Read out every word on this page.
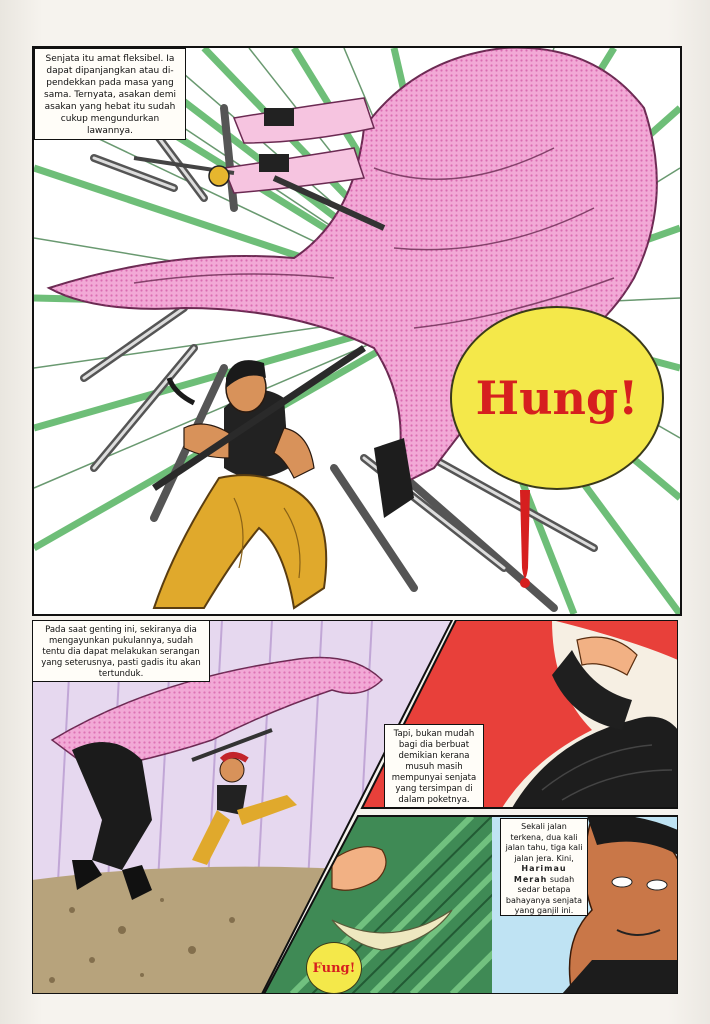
Senjata itu amat fleksibel. Ia dapat dipanjangkan atau di-pendekkan pada masa yang sama. Ternyata, asakan demi asakan yang hebat itu sudah cukup mengundurkan lawannya.
Hung!
Pada saat genting ini, sekiranya dia mengayunkan pukulannya, sudah tentu dia dapat melakukan serangan yang seterusnya, pasti gadis itu akan tertunduk.
Tapi, bukan mudah bagi dia berbuat demikian kerana musuh masih mempunyai senjata yang tersimpan di dalam poketnya.
Sekali jalan terkena, dua kali jalan tahu, tiga kali jalan jera. Kini, Harimau Merah sudah sedar betapa bahayanya senjata yang ganjil ini.
Fung!
